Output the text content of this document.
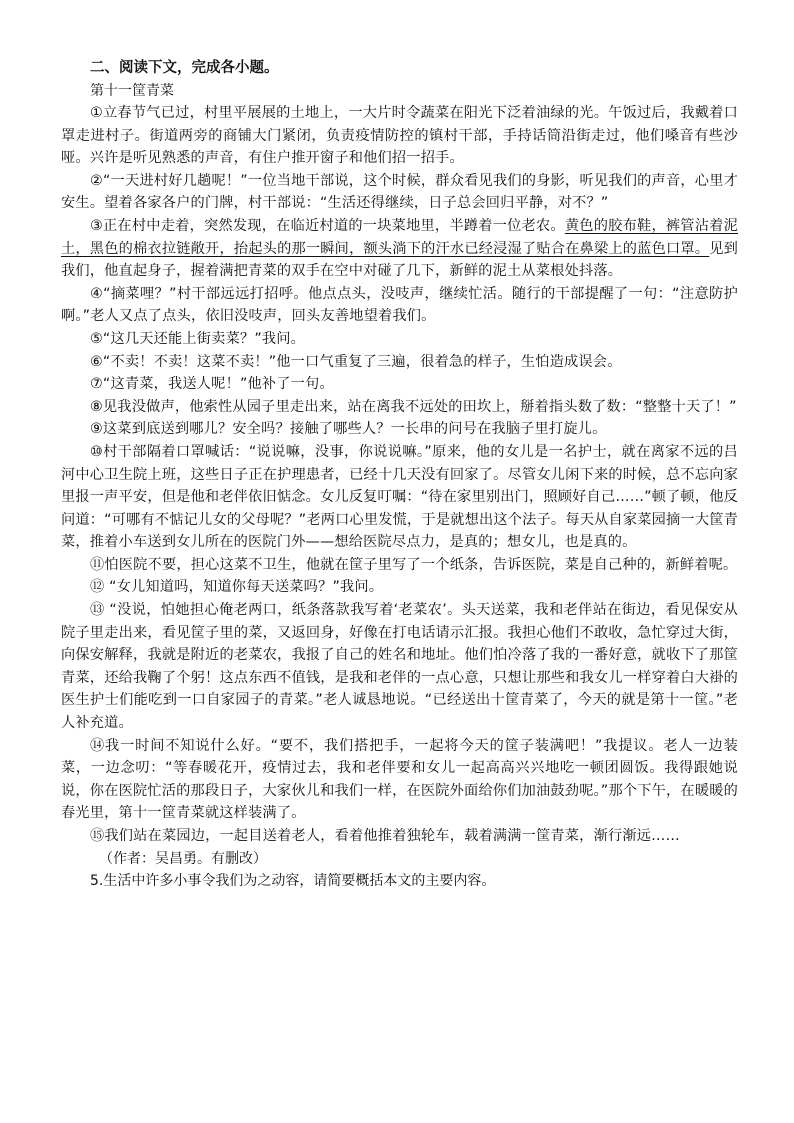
二、阅读下文，完成各小题。
第十一筐青菜

①立春节气已过，村里平展展的土地上，一大片时令蔬菜在阳光下泛着油绿的光。午饭过后，我戴着口罩走进村子。街道两旁的商铺大门紧闭，负责疫情防控的镇村干部，手持话筒沿街走过，他们嗓音有些沙哑。兴许是听见熟悉的声音，有住户推开窗子和他们招一招手。

②“一天进村好几趟呢！”一位当地干部说，这个时候，群众看见我们的身影，听见我们的声音，心里才安生。望着各家各户的门牌，村干部说：“生活还得继续，日子总会回归平静，对不？”

③正在村中走着，突然发现，在临近村道的一块菜地里，半蹲着一位老农。黄色的胶布鞋，裤管沾着泥土，黑色的棉衣拉链敞开，抬起头的那一瞬间，额头淌下的汗水已经浸湿了贴合在鼻梁上的蓝色口罩。见到我们，他直起身子，握着满把青菜的双手在空中对碰了几下，新鲜的泥土从菜根处抖落。

④“摘菜哩？”村干部远远打招呼。他点点头，没吱声，继续忙活。随行的干部提醒了一句：“注意防护啊。”老人又点了点头，依旧没吱声，回头友善地望着我们。

⑤“这几天还能上街卖菜？”我问。

⑥“不卖！不卖！这菜不卖！”他一口气重复了三遍，很着急的样子，生怕造成误会。

⑦“这青菜，我送人呢！”他补了一句。

⑧见我没做声，他索性从园子里走出来，站在离我不远处的田坎上，掰着指头数了数：“整整十天了！”

⑨这菜到底送到哪儿？安全吗？接触了哪些人？一长串的问号在我脑子里打旋儿。

⑩村干部隔着口罩喊话：“说说嘛，没事，你说说嘛。”原来，他的女儿是一名护士，就在离家不远的吕河中心卫生院上班，这些日子正在护理患者，已经十几天没有回家了。尽管女儿闲下来的时候，总不忘向家里报一声平安，但是他和老伴依旧惦念。女儿反复叮嘱：“待在家里别出门，照顾好自己……”顿了顿，他反问道：“可哪有不惦记儿女的父母呢？”老两口心里发慌，于是就想出这个法子。每天从自家菜园摘一大筐青菜，推着小车送到女儿所在的医院门外——想给医院尽点力，是真的；想女儿，也是真的。

⑪怕医院不要，担心这菜不卫生，他就在筐子里写了一个纸条，告诉医院，菜是自己种的，新鲜着呢。

⑫ “女儿知道吗，知道你每天送菜吗？”我问。

⑬ “没说，怕她担心俺老两口，纸条落款我写着‘老菜农’。头天送菜，我和老伴站在街边，看见保安从院子里走出来，看见筐子里的菜，又返回身，好像在打电话请示汇报。我担心他们不敢收，急忙穿过大街，向保安解释，我就是附近的老菜农，我报了自己的姓名和地址。他们怕冷落了我的一番好意，就收下了那筐青菜，还给我鞠了个躬！这点东西不值钱，是我和老伴的一点心意，只想让那些和我女儿一样穿着白大褂的医生护士们能吃到一口自家园子的青菜。”老人诚恳地说。“已经送出十筐青菜了，今天的就是第十一筐。”老人补充道。

⑭我一时间不知说什么好。“要不，我们搭把手，一起将今天的筐子装满吧！”我提议。老人一边装菜，一边念叨：“等春暖花开，疫情过去，我和老伴要和女儿一起高高兴兴地吃一顿团圆饭。我得跟她说说，你在医院忙活的那段日子，大家伙儿和我们一样，在医院外面给你们加油鼓劲呢。”那个下午，在暖暖的春光里，第十一筐青菜就这样装满了。

⑮我们站在菜园边，一起目送着老人，看着他推着独轮车，载着满满一筐青菜，渐行渐远……

（作者：吴昌勇。有删改）
5.生活中许多小事令我们为之动容，请简要概括本文的主要内容。
